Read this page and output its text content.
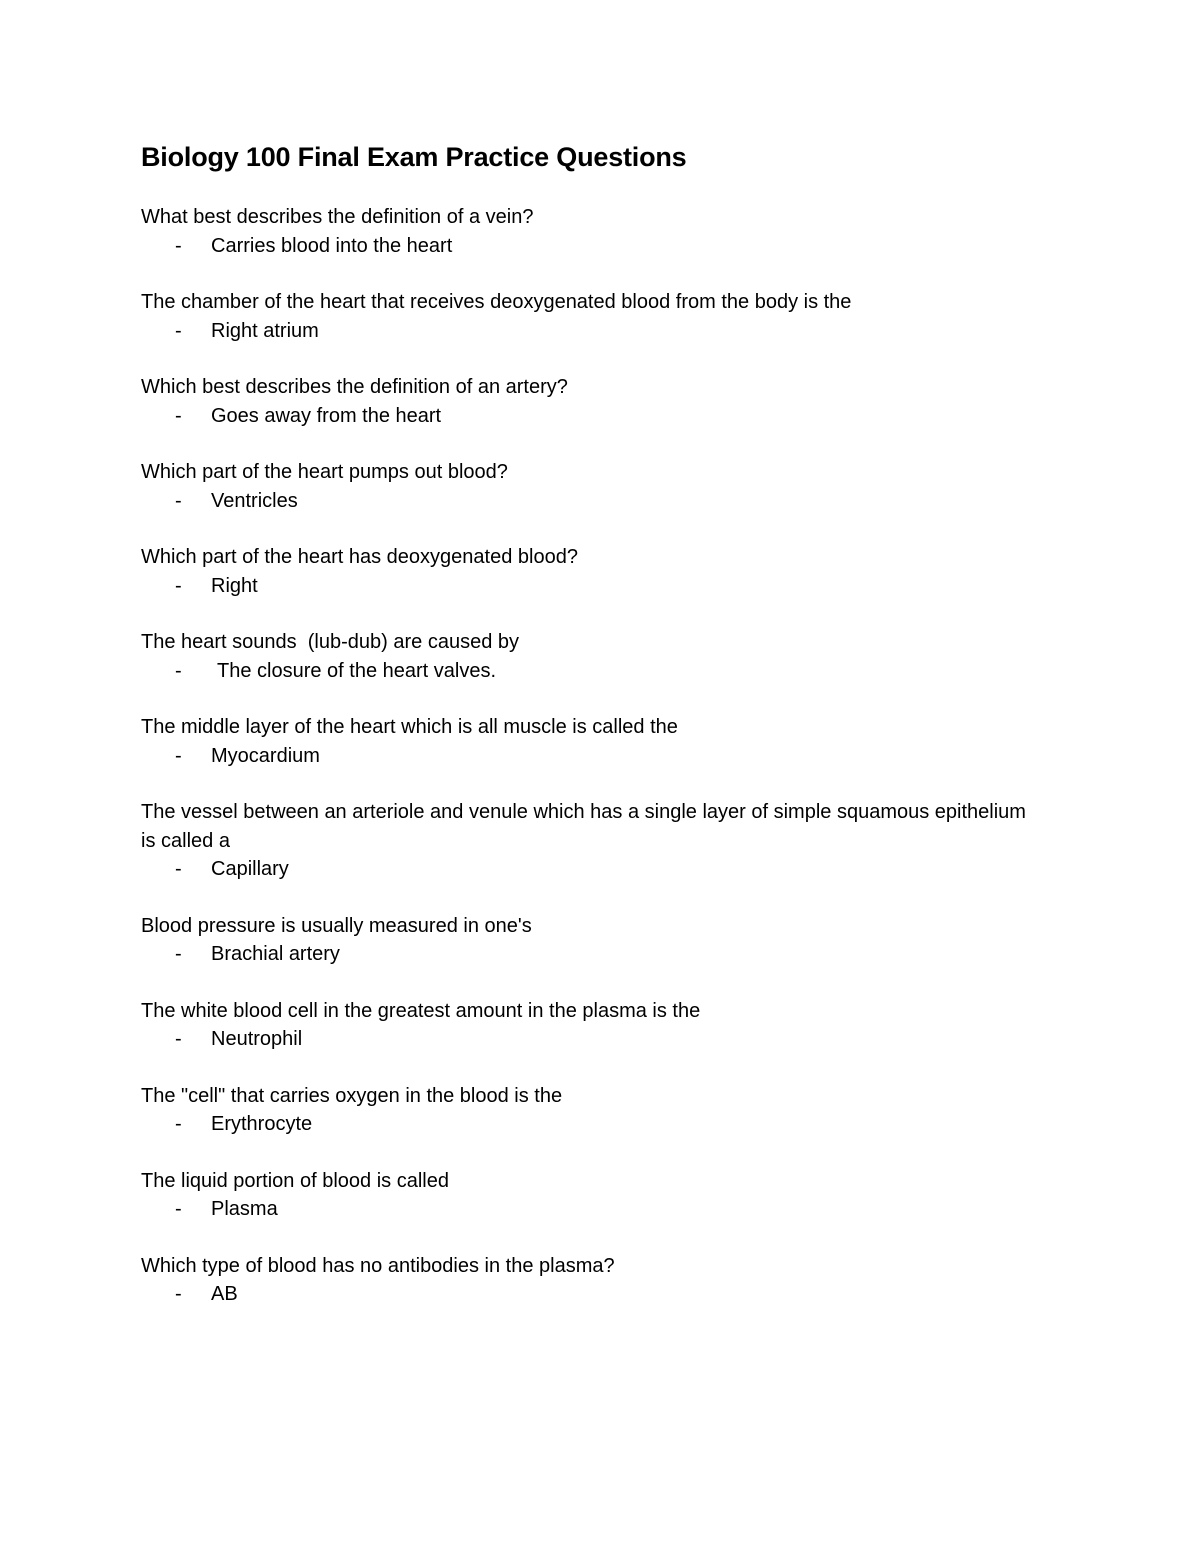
Biology 100 Final Exam Practice Questions

What best describes the definition of a vein?

-	Carries blood into the heart

The chamber of the heart that receives deoxygenated blood from the body is the

-	Right atrium

Which best describes the definition of an artery?

-	Goes away from the heart

Which part of the heart pumps out blood?

-	Ventricles

Which part of the heart has deoxygenated blood?

-	Right

The heart sounds  (lub-dub) are caused by

-	The closure of the heart valves.

The middle layer of the heart which is all muscle is called the

-	Myocardium

The vessel between an arteriole and venule which has a single layer of simple squamous epithelium is called a

-	Capillary

Blood pressure is usually measured in one's

-	Brachial artery

The white blood cell in the greatest amount in the plasma is the

-	Neutrophil

The "cell" that carries oxygen in the blood is the

-	Erythrocyte

The liquid portion of blood is called

-	Plasma

Which type of blood has no antibodies in the plasma?

-	AB
